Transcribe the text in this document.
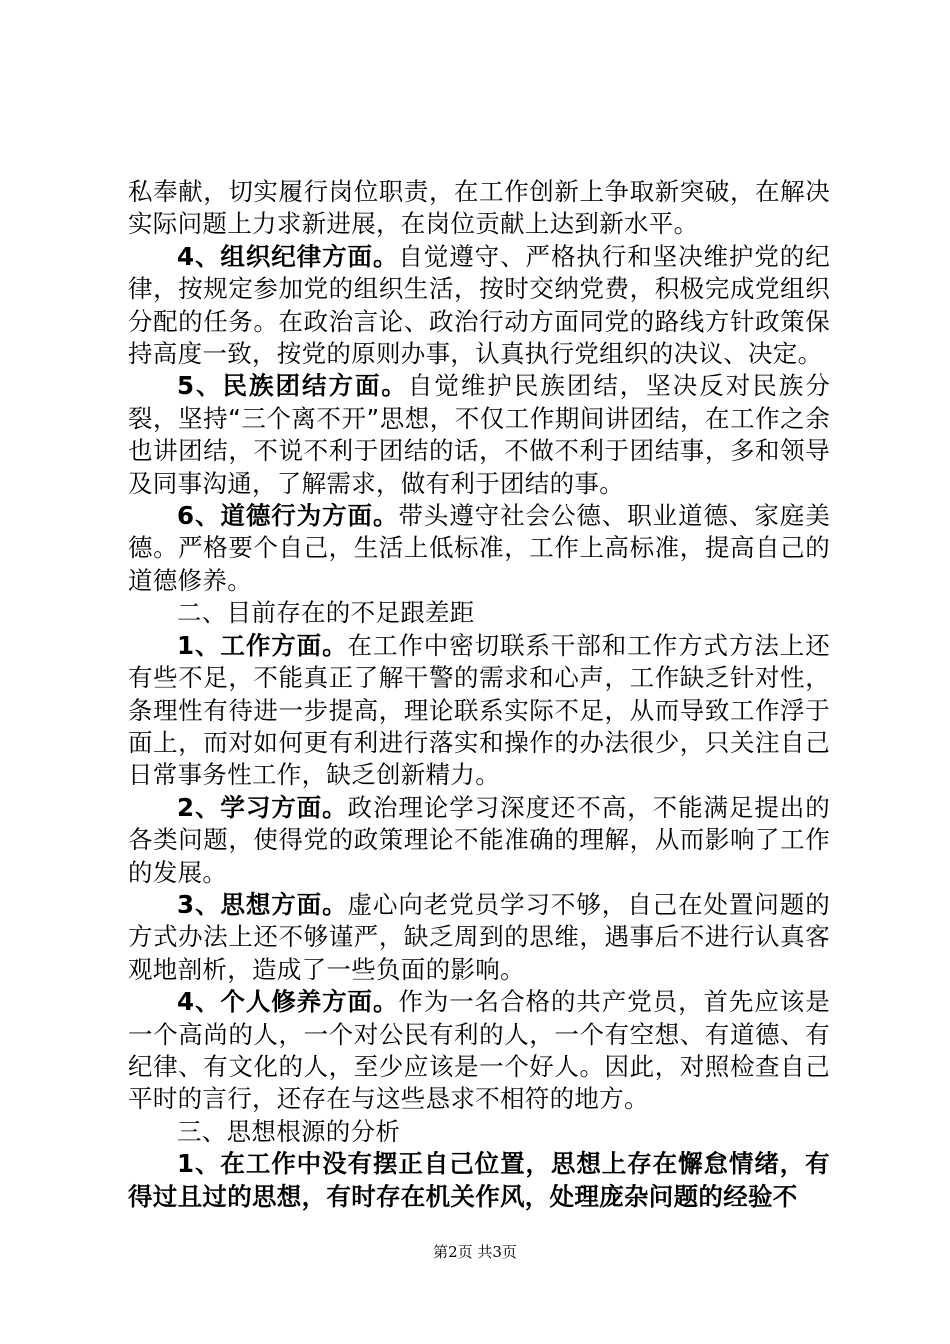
私奉献，切实履行岗位职责，在工作创新上争取新突破，在解决实际问题上力求新进展，在岗位贡献上达到新水平。

4、组织纪律方面。自觉遵守、严格执行和坚决维护党的纪律，按规定参加党的组织生活，按时交纳党费，积极完成党组织分配的任务。在政治言论、政治行动方面同党的路线方针政策保持高度一致，按党的原则办事，认真执行党组织的决议、决定。

5、民族团结方面。自觉维护民族团结，坚决反对民族分裂，坚持“三个离不开”思想，不仅工作期间讲团结，在工作之余也讲团结，不说不利于团结的话，不做不利于团结事，多和领导及同事沟通，了解需求，做有利于团结的事。

6、道德行为方面。带头遵守社会公德、职业道德、家庭美德。严格要个自己，生活上低标准，工作上高标准，提高自己的道德修养。

二、目前存在的不足跟差距

1、工作方面。在工作中密切联系干部和工作方式方法上还有些不足，不能真正了解干警的需求和心声，工作缺乏针对性，条理性有待进一步提高，理论联系实际不足，从而导致工作浮于面上，而对如何更有利进行落实和操作的办法很少，只关注自己日常事务性工作，缺乏创新精力。

2、学习方面。政治理论学习深度还不高，不能满足提出的各类问题，使得党的政策理论不能准确的理解，从而影响了工作的发展。

3、思想方面。虚心向老党员学习不够，自己在处置问题的方式办法上还不够谨严，缺乏周到的思维，遇事后不进行认真客观地剖析，造成了一些负面的影响。

4、个人修养方面。作为一名合格的共产党员，首先应该是一个高尚的人，一个对公民有利的人，一个有空想、有道德、有纪律、有文化的人，至少应该是一个好人。因此，对照检查自己平时的言行，还存在与这些恳求不相符的地方。

三、思想根源的分析

1、在工作中没有摆正自己位置，思想上存在懈怠情绪，有得过且过的思想，有时存在机关作风，处理庞杂问题的经验不

第2页 共3页
